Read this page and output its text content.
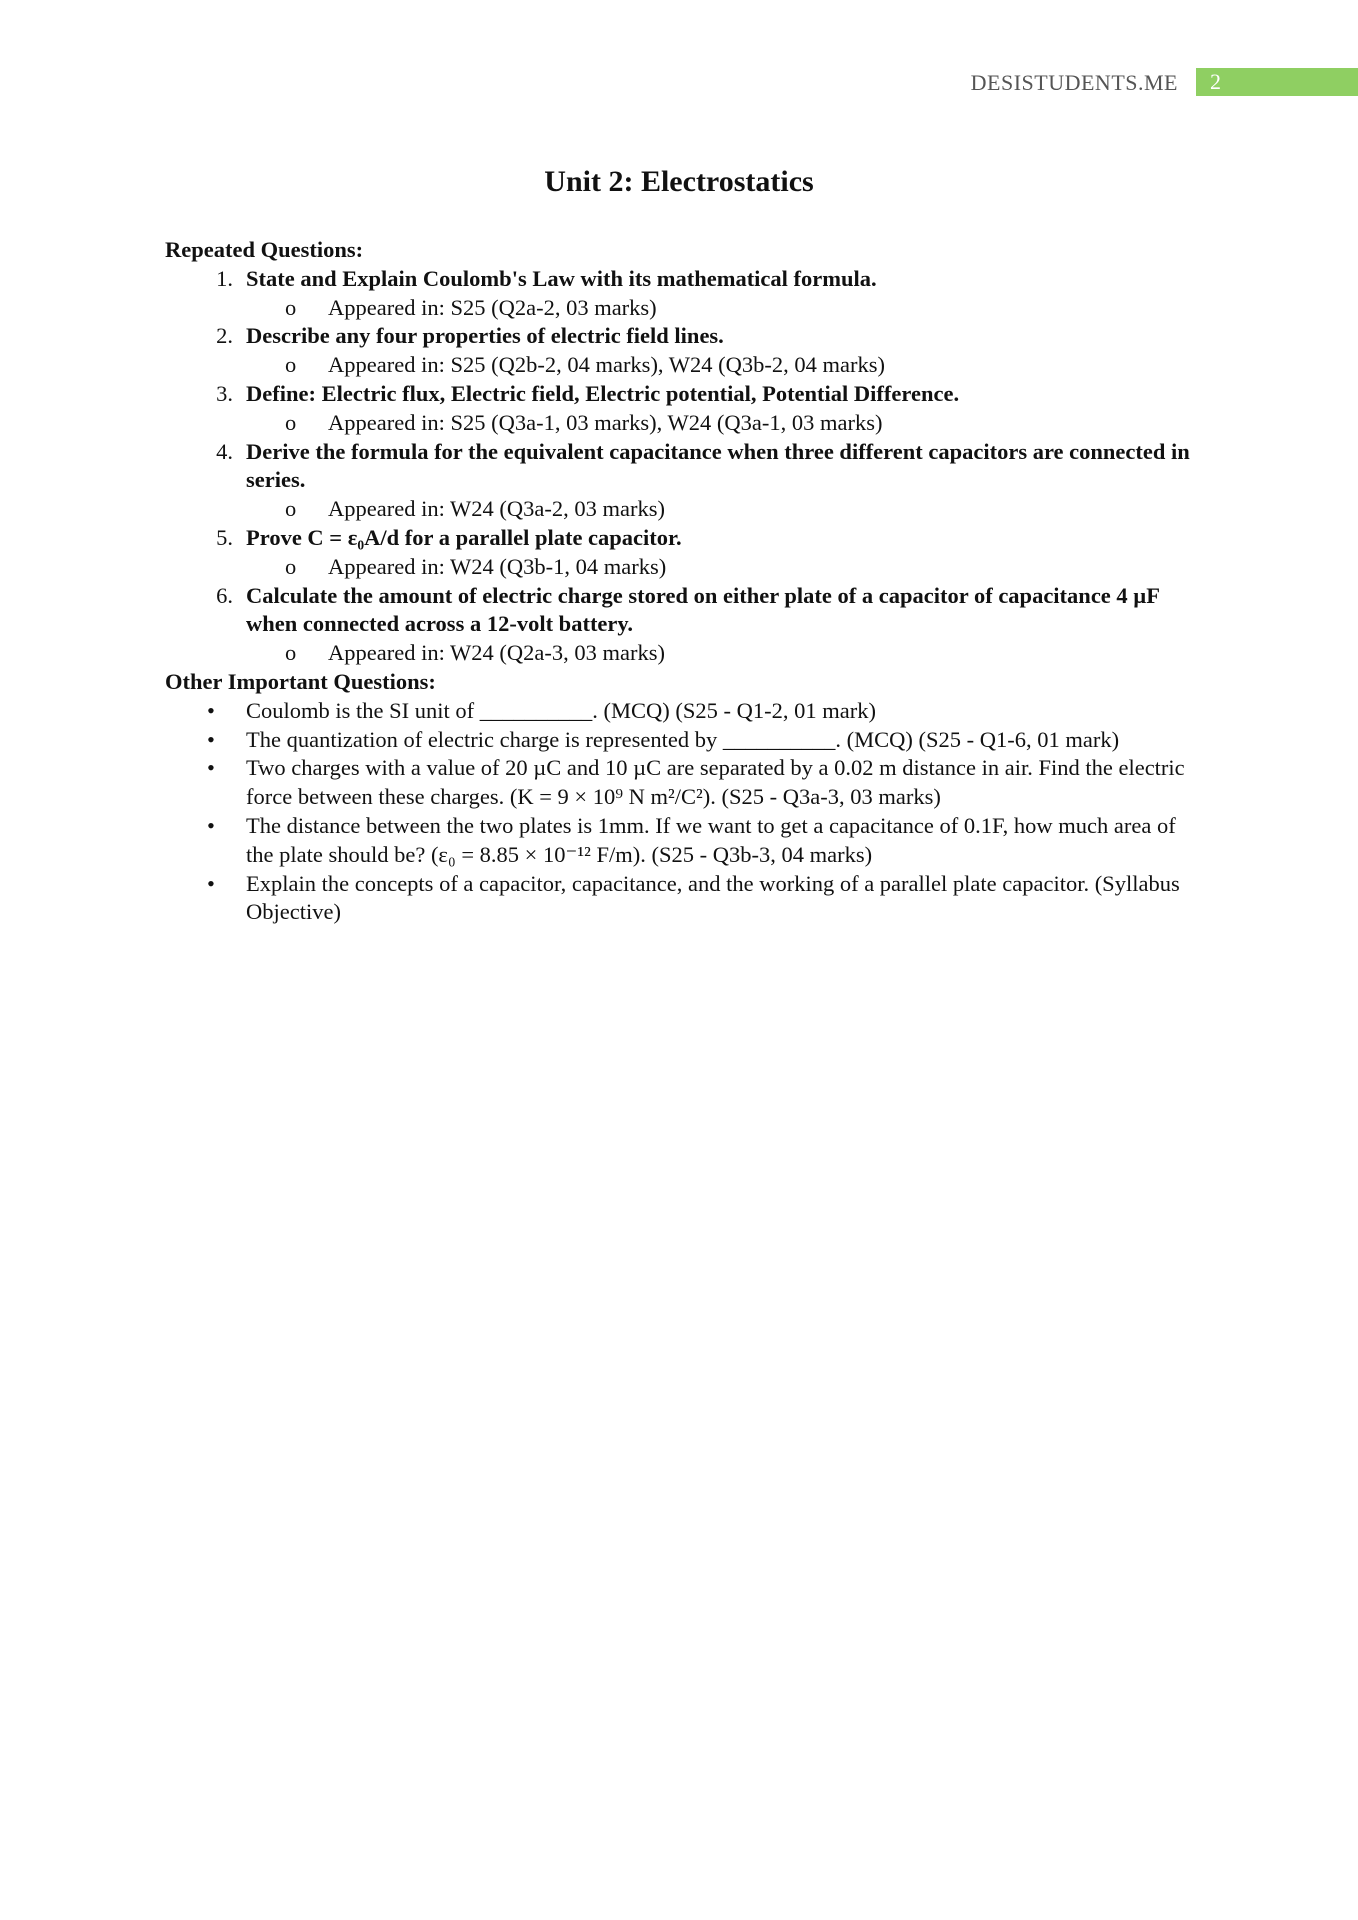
DESISTUDENTS.ME	2
Unit 2: Electrostatics
Repeated Questions:
1. State and Explain Coulomb's Law with its mathematical formula.
o Appeared in: S25 (Q2a-2, 03 marks)
2. Describe any four properties of electric field lines.
o Appeared in: S25 (Q2b-2, 04 marks), W24 (Q3b-2, 04 marks)
3. Define: Electric flux, Electric field, Electric potential, Potential Difference.
o Appeared in: S25 (Q3a-1, 03 marks), W24 (Q3a-1, 03 marks)
4. Derive the formula for the equivalent capacitance when three different capacitors are connected in series.
o Appeared in: W24 (Q3a-2, 03 marks)
5. Prove C = ε₀A/d for a parallel plate capacitor.
o Appeared in: W24 (Q3b-1, 04 marks)
6. Calculate the amount of electric charge stored on either plate of a capacitor of capacitance 4 µF when connected across a 12-volt battery.
o Appeared in: W24 (Q2a-3, 03 marks)
Other Important Questions:
• Coulomb is the SI unit of __________. (MCQ) (S25 - Q1-2, 01 mark)
• The quantization of electric charge is represented by __________. (MCQ) (S25 - Q1-6, 01 mark)
• Two charges with a value of 20 µC and 10 µC are separated by a 0.02 m distance in air. Find the electric force between these charges. (K = 9 × 10⁹ N m²/C²). (S25 - Q3a-3, 03 marks)
• The distance between the two plates is 1mm. If we want to get a capacitance of 0.1F, how much area of the plate should be? (ε₀ = 8.85 × 10⁻¹² F/m). (S25 - Q3b-3, 04 marks)
• Explain the concepts of a capacitor, capacitance, and the working of a parallel plate capacitor. (Syllabus Objective)
